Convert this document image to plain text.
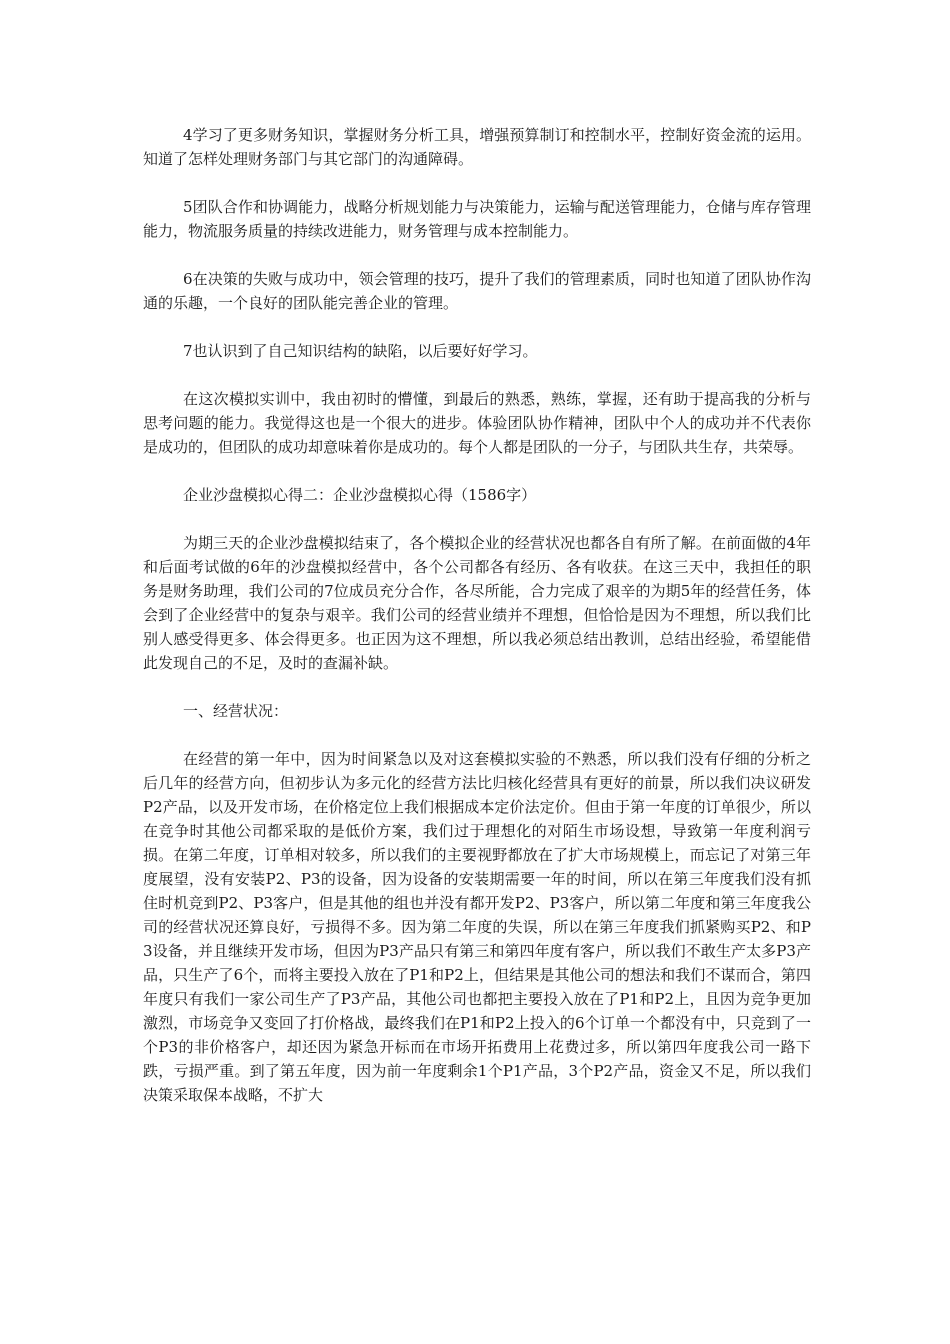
4学习了更多财务知识，掌握财务分析工具，增强预算制订和控制水平，控制好资金流的运用。知道了怎样处理财务部门与其它部门的沟通障碍。

5团队合作和协调能力，战略分析规划能力与决策能力，运输与配送管理能力，仓储与库存管理能力，物流服务质量的持续改进能力，财务管理与成本控制能力。

6在决策的失败与成功中，领会管理的技巧，提升了我们的管理素质，同时也知道了团队协作沟通的乐趣，一个良好的团队能完善企业的管理。

7也认识到了自己知识结构的缺陷，以后要好好学习。

在这次模拟实训中，我由初时的懵懂，到最后的熟悉，熟练，掌握，还有助于提高我的分析与思考问题的能力。我觉得这也是一个很大的进步。体验团队协作精神，团队中个人的成功并不代表你是成功的，但团队的成功却意味着你是成功的。每个人都是团队的一分子，与团队共生存，共荣辱。

企业沙盘模拟心得二：企业沙盘模拟心得（1586字）

为期三天的企业沙盘模拟结束了，各个模拟企业的经营状况也都各自有所了解。在前面做的4年和后面考试做的6年的沙盘模拟经营中，各个公司都各有经历、各有收获。在这三天中，我担任的职务是财务助理，我们公司的7位成员充分合作，各尽所能，合力完成了艰辛的为期5年的经营任务，体会到了企业经营中的复杂与艰辛。我们公司的经营业绩并不理想，但恰恰是因为不理想，所以我们比别人感受得更多、体会得更多。也正因为这不理想，所以我必须总结出教训，总结出经验，希望能借此发现自己的不足，及时的查漏补缺。

一、经营状况：

在经营的第一年中，因为时间紧急以及对这套模拟实验的不熟悉，所以我们没有仔细的分析之后几年的经营方向，但初步认为多元化的经营方法比归核化经营具有更好的前景，所以我们决议研发P2产品，以及开发市场，在价格定位上我们根据成本定价法定价。但由于第一年度的订单很少，所以在竞争时其他公司都采取的是低价方案，我们过于理想化的对陌生市场设想，导致第一年度利润亏损。在第二年度，订单相对较多，所以我们的主要视野都放在了扩大市场规模上，而忘记了对第三年度展望，没有安装P2、P3的设备，因为设备的安装期需要一年的时间，所以在第三年度我们没有抓住时机竞到P2、P3客户，但是其他的组也并没有都开发P2、P3客户，所以第二年度和第三年度我公司的经营状况还算良好，亏损得不多。因为第二年度的失误，所以在第三年度我们抓紧购买P2、和P3设备，并且继续开发市场，但因为P3产品只有第三和第四年度有客户，所以我们不敢生产太多P3产品，只生产了6个，而将主要投入放在了P1和P2上，但结果是其他公司的想法和我们不谋而合，第四年度只有我们一家公司生产了P3产品，其他公司也都把主要投入放在了P1和P2上，且因为竞争更加激烈，市场竞争又变回了打价格战，最终我们在P1和P2上投入的6个订单一个都没有中，只竞到了一个P3的非价格客户，却还因为紧急开标而在市场开拓费用上花费过多，所以第四年度我公司一路下跌，亏损严重。到了第五年度，因为前一年度剩余1个P1产品，3个P2产品，资金又不足，所以我们决策采取保本战略，不扩大
